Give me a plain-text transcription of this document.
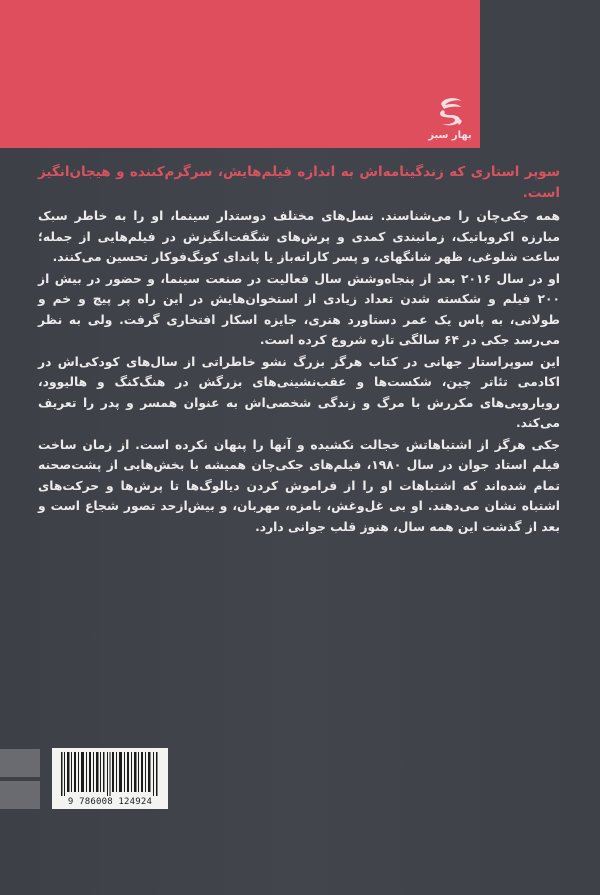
بهار سبز

سوپر استاری که زندگینامه‌اش به اندازه فیلم‌هایش، سرگرم‌کننده و هیجان‌انگیز است.

همه جکی‌چان را می‌شناسند. نسل‌های مختلف دوستدار سینما، او را به خاطر سبک مبارزه اکروباتیک، زمانبندی کمدی و پرش‌های شگفت‌انگیزش در فیلم‌هایی از جمله؛ ساعت شلوغی، ظهر شانگهای، و پسر کاراته‌باز یا پاندای کونگ‌فوکار تحسین می‌کنند.

او در سال ۲۰۱۶ بعد از پنجاه‌وشش سال فعالیت در صنعت سینما، و حضور در بیش از ۲۰۰ فیلم و شکسته شدن تعداد زیادی از استخوان‌هایش در این راه پر پیچ و خم و طولانی، به پاس یک عمر دستاورد هنری، جایزه اسکار افتخاری گرفت. ولی به نظر می‌رسد جکی در ۶۴ سالگی تازه شروع کرده است.

این سوپراستار جهانی در کتاب هرگز بزرگ نشو خاطراتی از سال‌های کودکی‌اش در اکادمی تئاتر چین، شکست‌ها و عقب‌نشینی‌های بزرگش در هنگ‌کنگ و هالیوود، رویارویی‌های مکررش با مرگ و زندگی شخصی‌اش به عنوان همسر و پدر را تعریف می‌کند.

جکی هرگز از اشتباهاتش خجالت نکشیده و آنها را پنهان نکرده است. از زمان ساخت فیلم استاد جوان در سال ۱۹۸۰، فیلم‌های جکی‌چان همیشه با بخش‌هایی از پشت‌صحنه تمام شده‌اند که اشتباهات او را از فراموش کردن دیالوگ‌ها تا پرش‌ها و حرکت‌های اشتباه نشان می‌دهند. او بی غل‌وغش، بامزه، مهربان، و بیش‌ازحد تصور شجاع است و بعد از گذشت این همه سال، هنوز قلب جوانی دارد.

9 786008 124924
